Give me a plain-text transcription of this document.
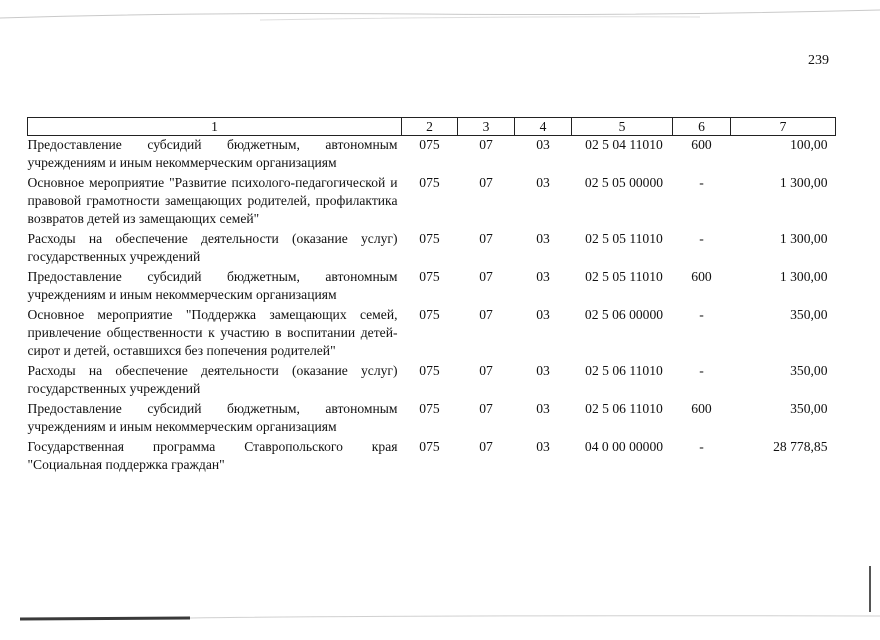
239
1	2	3	4	5	6	7
Предоставление субсидий бюджетным, автономным учреждениям и иным некоммерческим организациям	075	07	03	02 5 04 11010	600	100,00
Основное мероприятие "Развитие психолого-педагогической и правовой грамотности замещающих родителей, профилактика возвратов детей из замещающих семей"	075	07	03	02 5 05 00000	-	1 300,00
Расходы на обеспечение деятельности (оказание услуг) государственных учреждений	075	07	03	02 5 05 11010	-	1 300,00
Предоставление субсидий бюджетным, автономным учреждениям и иным некоммерческим организациям	075	07	03	02 5 05 11010	600	1 300,00
Основное мероприятие "Поддержка замещающих семей, привлечение общественности к участию в воспитании детей-сирот и детей, оставшихся без попечения родителей"	075	07	03	02 5 06 00000	-	350,00
Расходы на обеспечение деятельности (оказание услуг) государственных учреждений	075	07	03	02 5 06 11010	-	350,00
Предоставление субсидий бюджетным, автономным учреждениям и иным некоммерческим организациям	075	07	03	02 5 06 11010	600	350,00
Государственная программа Ставропольского края "Социальная поддержка граждан"	075	07	03	04 0 00 00000	-	28 778,85
